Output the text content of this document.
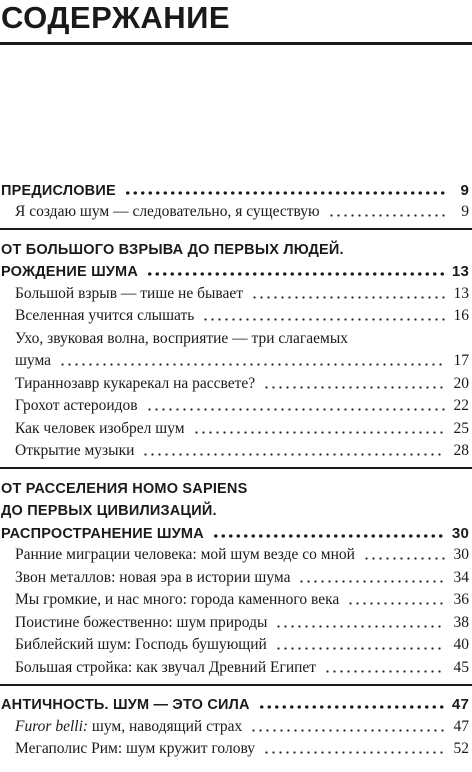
СОДЕРЖАНИЕ
ПРЕДИСЛОВИЕ	9
Я создаю шум — следовательно, я существую	9
ОТ БОЛЬШОГО ВЗРЫВА ДО ПЕРВЫХ ЛЮДЕЙ.
РОЖДЕНИЕ ШУМА	13
Большой взрыв — тише не бывает	13
Вселенная учится слышать	16
Ухо, звуковая волна, восприятие — три слагаемых
шума	17
Тираннозавр кукарекал на рассвете?	20
Грохот астероидов	22
Как человек изобрел шум	25
Открытие музыки	28
ОТ РАССЕЛЕНИЯ HOMO SAPIENS
ДО ПЕРВЫХ ЦИВИЛИЗАЦИЙ.
РАСПРОСТРАНЕНИЕ ШУМА	30
Ранние миграции человека: мой шум везде со мной	30
Звон металлов: новая эра в истории шума	34
Мы громкие, и нас много: города каменного века	36
Поистине божественно: шум природы	38
Библейский шум: Господь бушующий	40
Большая стройка: как звучал Древний Египет	45
АНТИЧНОСТЬ. ШУМ — ЭТО СИЛА	47
Furor belli: шум, наводящий страх	47
Мегаполис Рим: шум кружит голову	52
